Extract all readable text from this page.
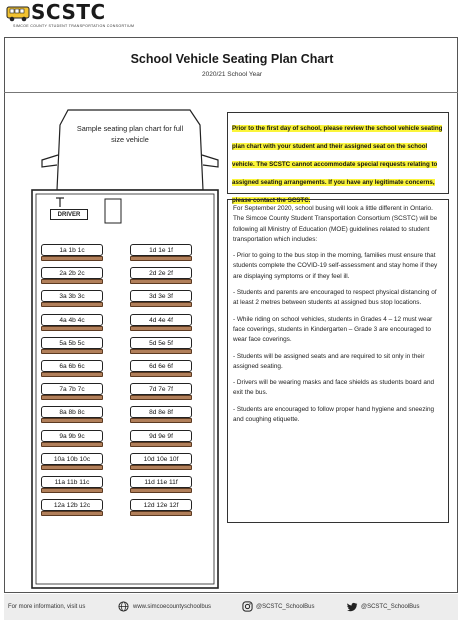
SCSTC
SIMCOE COUNTY STUDENT TRANSPORTATION CONSORTIUM
School Vehicle Seating Plan Chart
2020/21 School Year
Sample seating plan chart for full size vehicle
DRIVER
1a 1b 1c
2a 2b 2c
3a 3b 3c
4a 4b 4c
5a 5b 5c
6a 6b 6c
7a 7b 7c
8a 8b 8c
9a 9b 9c
10a 10b 10c
11a 11b 11c
12a 12b 12c
1d 1e 1f
2d 2e 2f
3d 3e 3f
4d 4e 4f
5d 5e 5f
6d 6e 6f
7d 7e 7f
8d 8e 8f
9d 9e 9f
10d 10e 10f
11d 11e 11f
12d 12e 12f
Prior to the first day of school, please review the school vehicle seating plan chart with your student and their assigned seat on the school vehicle. The SCSTC cannot accommodate special requests relating to assigned seating arrangements. If you have any legitimate concerns, please contact the SCSTC.

For September 2020, school busing will look a little different in Ontario. The Simcoe County Student Transportation Consortium (SCSTC) will be following all Ministry of Education (MOE) guidelines related to student transportation which includes:

- Prior to going to the bus stop in the morning, families must ensure that students complete the COVID-19 self-assessment and stay home if they are displaying symptoms or if they feel ill.

- Students and parents are encouraged to respect physical distancing of at least 2 metres between students at assigned bus stop locations.

- While riding on school vehicles, students in Grades 4 – 12 must wear face coverings, students in Kindergarten – Grade 3 are encouraged to wear face coverings.

- Students will be assigned seats and are required to sit only in their assigned seating.

- Drivers will be wearing masks and face shields as students board and exit the bus.

- Students are encouraged to follow proper hand hygiene and sneezing and coughing etiquette.

For more information, visit us	www.simcoecountyschoolbus	@SCSTC_SchoolBus	@SCSTC_SchoolBus
